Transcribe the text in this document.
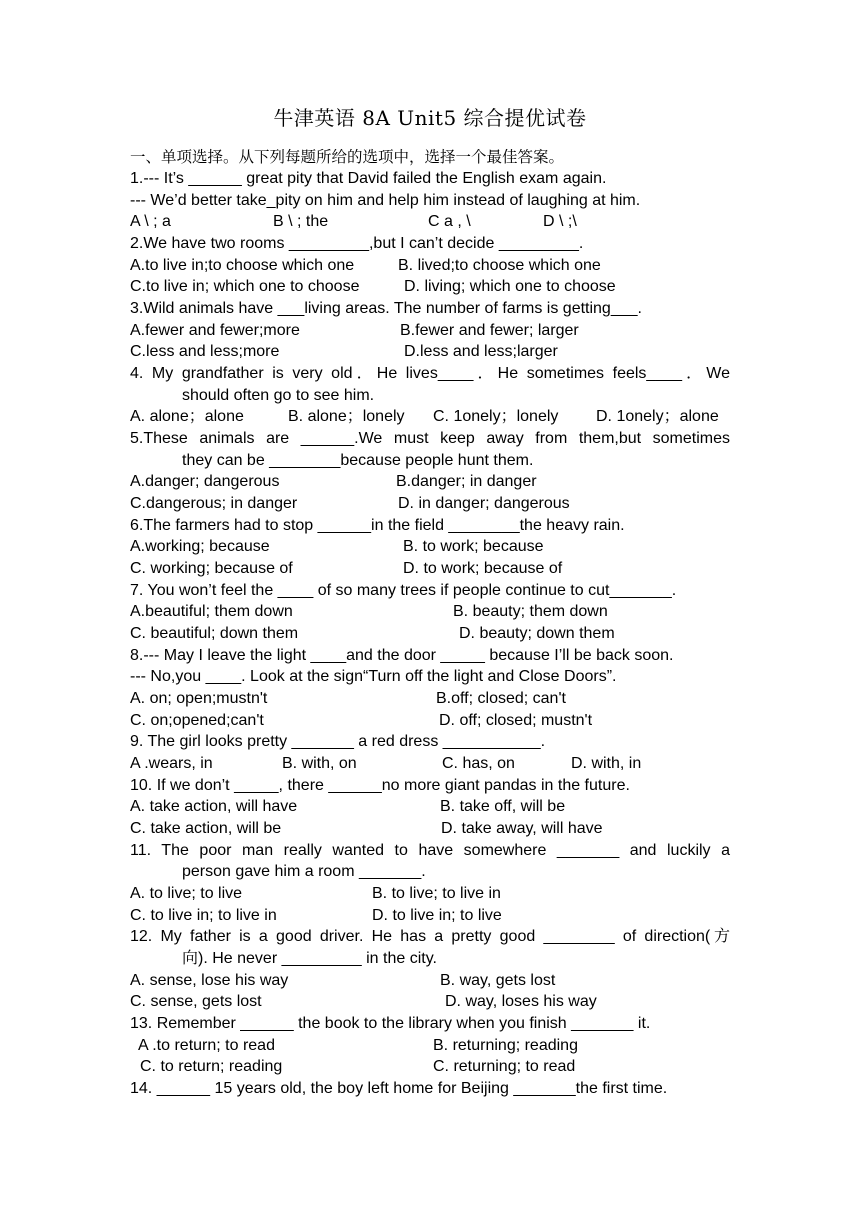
牛津英语 8A Unit5 综合提优试卷
一、单项选择。从下列每题所给的选项中，选择一个最佳答案。
1.--- It’s ______ great pity that David failed the English exam again.
--- We’d better take_pity on him and help him instead of laughing at him.
A \ ; a	B \ ; the	C a , \	D \ ;\
2.We have two rooms _________,but I can’t decide _________.
A.to live in;to choose which one	B. lived;to choose which one
C.to live in; which one to choose	D. living; which one to choose
3.Wild animals have ___living areas. The number of farms is getting___.
A.fewer and fewer;more	B.fewer and fewer; larger
C.less and less;more	D.less and less;larger
4. My grandfather is very old．He lives____．He sometimes feels____．We
should often go to see him.
A. alone；alone	B. alone；lonely C. 1onely；lonely D. 1onely；alone
5.These animals are ______.We must keep away from them,but sometimes
they can be ________because people hunt them.
A.danger; dangerous	B.danger; in danger
C.dangerous; in danger	D. in danger; dangerous
6.The farmers had to stop ______in the field ________the heavy rain.
A.working; because	B. to work; because
C. working; because of	D. to work; because of
7. You won’t feel the ____ of so many trees if people continue to cut_______.
A.beautiful; them down	B. beauty; them down
C. beautiful; down them	D. beauty; down them
8.--- May I leave the light ____and the door _____ because I’ll be back soon.
--- No,you ____. Look at the sign“Turn off the light and Close Doors”.
A. on; open;mustn't	B.off; closed; can't
C. on;opened;can't	D. off; closed; mustn't
9. The girl looks pretty _______ a red dress ___________.
A .wears, in	B. with, on	C. has, on	D. with, in
10. If we don’t _____, there ______no more giant pandas in the future.
A. take action, will have	B. take off, will be
C. take action, will be	D. take away, will have
11. The poor man really wanted to have somewhere _______ and luckily a
person gave him a room _______.
A. to live; to live	B. to live; to live in
C. to live in; to live in	D. to live in; to live
12. My father is a good driver. He has a pretty good ________ of direction(方
向). He never _________ in the city.
A. sense, lose his way	B. way, gets lost
C. sense, gets lost	D. way, loses his way
13. Remember ______ the book to the library when you finish _______ it.
A .to return; to read	B. returning; reading
C. to return; reading	C. returning; to read
14. ______ 15 years old, the boy left home for Beijing _______the first time.
